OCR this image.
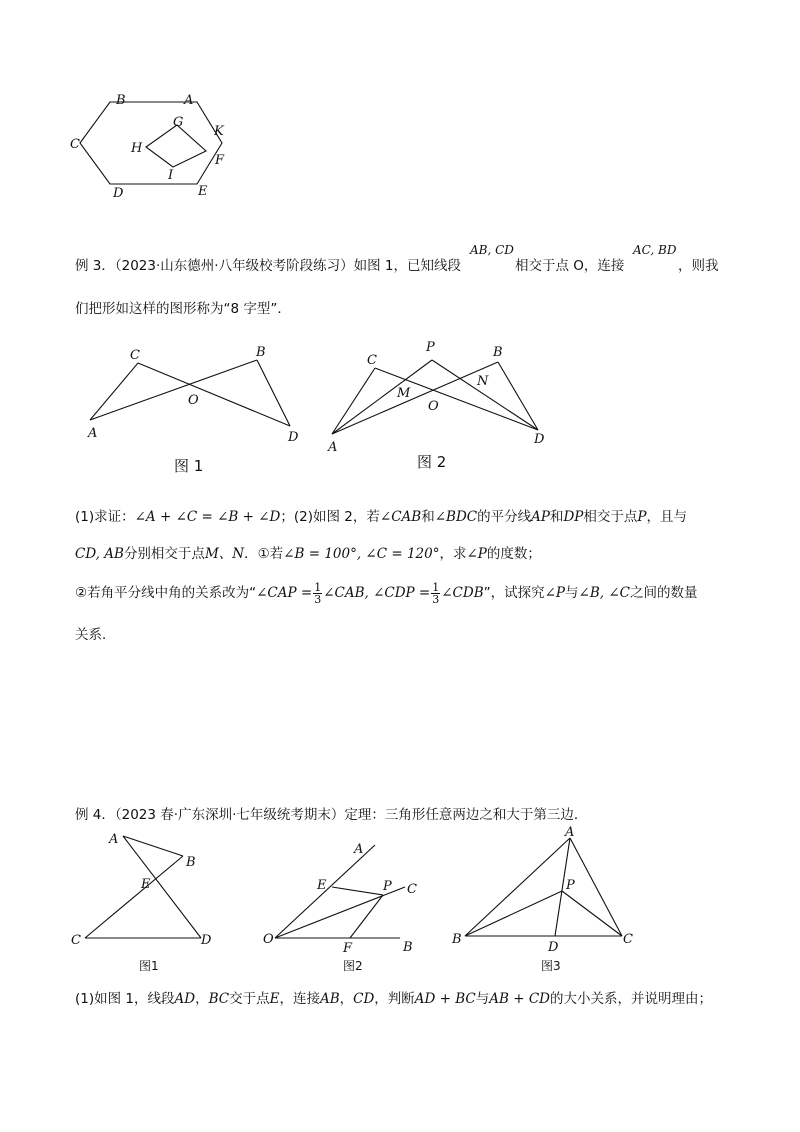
B	A
C	H
G
K
F
I
D	E
例 3．（2023·山东德州·八年级校考阶段练习）如图 1，已知线段
AB, CD
相交于点 O，连接
AC, BD
，则我
们把形如这样的图形称为“8 字型”．
C	B
O
A	D
图 1
C
P	B
N
M
O
A
D
图 2
(1)求证：∠A + ∠C = ∠B + ∠D；(2)如图 2，若∠CAB和∠BDC的平分线AP和DP相交于点P，且与
CD, AB分别相交于点M、N．①若∠B = 100°, ∠C = 120°，求∠P的度数；
②若角平分线中角的关系改为“∠CAP = $\frac{1}{3}$ ∠CAB, ∠CDP = $\frac{1}{3}$ ∠CDB”，试探究∠P与∠B, ∠C之间的数量
关系．
例 4．（2023 春·广东深圳·七年级统考期末）定理：三角形任意两边之和大于第三边．
A
B
E
C	D
图1
A
E	P C
O
F	B
图2
A
P
B
D
C
图3
(1)如图 1，线段AD，BC交于点E，连接AB，CD，判断AD + BC与AB + CD的大小关系，并说明理由；
